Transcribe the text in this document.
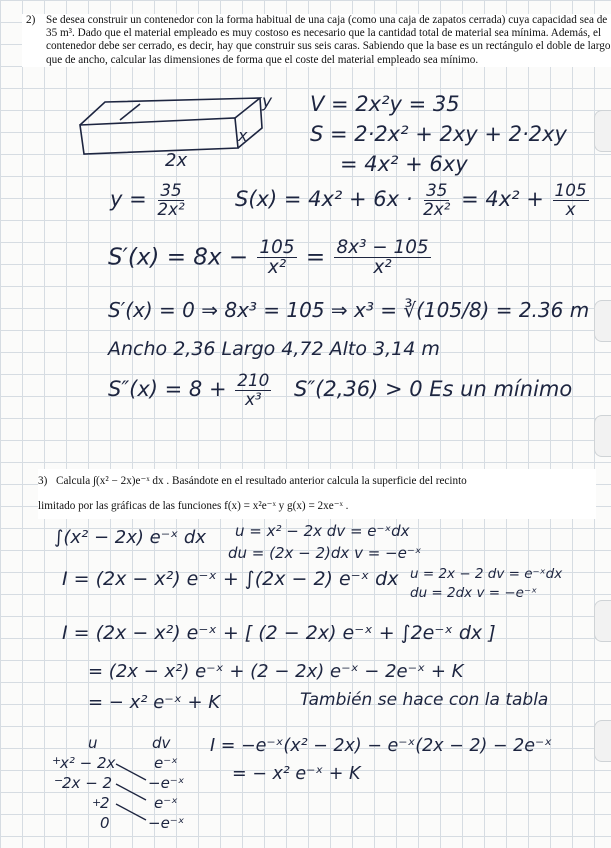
2) Se desea construir un contenedor con la forma habitual de una caja (como una caja de zapatos cerrada) cuya capacidad sea de 35 m³. Dado que el material empleado es muy costoso es necesario que la cantidad total de material sea mínima. Además, el contenedor debe ser cerrado, es decir, hay que construir sus seis caras. Sabiendo que la base es un rectángulo el doble de largo que de ancho, calcular las dimensiones de forma que el coste del material empleado sea mínimo.
y
x
2x
V = 2x²y = 35
S = 2·2x² + 2xy + 2·2xy
= 4x² + 6xy
$y = \frac{35}{\text{2x²}} S(x) = 4x^2 + 6x \cdot \frac{35}{\text{2x²}} = 4x^2 + \frac{105}{x}$
$S'(x) = 8x - \frac{105}{\text{x²}} = \frac{\text{8x³ − 105}}{\text{x²}}$
S′(x) = 0 ⇒ 8x³ = 105 ⇒ x³ = ∛(105/8) = 2.36 m
Ancho 2,36 Largo 4,72 Alto 3,14 m
$S''(x) = 8 + \frac{210}{\text{x³}} S''(2,36) > 0$ Es un mínimo
3) Calcula ∫(x² − 2x)e⁻ˣ dx . Basándote en el resultado anterior calcula la superficie del recinto
limitado por las gráficas de las funciones f(x) = x²e⁻ˣ y g(x) = 2xe⁻ˣ .
∫(x² − 2x) e⁻ˣ dx u = x² − 2x dv = e⁻ˣdx
du = (2x − 2)dx v = −e⁻ˣ
I = (2x − x²) e⁻ˣ + ∫(2x − 2) e⁻ˣ dx u = 2x − 2 dv = e⁻ˣdx
du = 2dx v = −e⁻ˣ
I = (2x − x²) e⁻ˣ + [ (2 − 2x) e⁻ˣ + ∫2e⁻ˣ dx ]
= (2x − x²) e⁻ˣ + (2 − 2x) e⁻ˣ − 2e⁻ˣ + K
= − x² e⁻ˣ + K	También se hace con la tabla
u	dv
x² − 2x
2x − 2
2
0
e⁻ˣ
−e⁻ˣ
e⁻ˣ
−e⁻ˣ
+
−
+
I = −e⁻ˣ(x² − 2x) − e⁻ˣ(2x − 2) − 2e⁻ˣ
= − x² e⁻ˣ + K
